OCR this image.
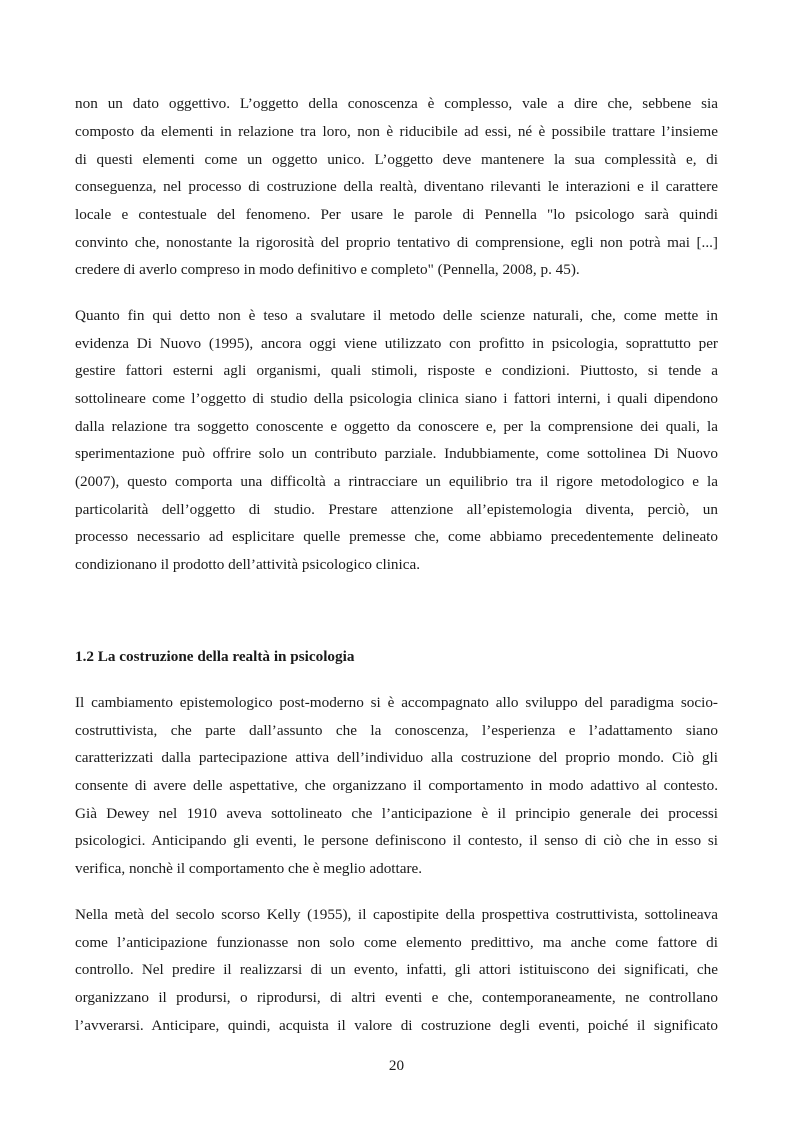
non un dato oggettivo. L’oggetto della conoscenza è complesso, vale a dire che, sebbene sia
composto da elementi in relazione tra loro, non è riducibile ad essi, né è possibile trattare l’insieme
di questi elementi come un oggetto unico. L’oggetto deve mantenere la sua complessità e, di
conseguenza, nel processo di costruzione della realtà, diventano rilevanti le interazioni e il carattere
locale e contestuale del fenomeno. Per usare le parole di Pennella "lo psicologo sarà quindi
convinto che, nonostante la rigorosità del proprio tentativo di comprensione, egli non potrà mai [...]
credere di averlo compreso in modo definitivo e completo" (Pennella, 2008, p. 45).
Quanto fin qui detto non è teso a svalutare il metodo delle scienze naturali, che, come mette in
evidenza Di Nuovo (1995), ancora oggi viene utilizzato con profitto in psicologia, soprattutto per
gestire fattori esterni agli organismi, quali stimoli, risposte e condizioni. Piuttosto, si tende a
sottolineare come l’oggetto di studio della psicologia clinica siano i fattori interni, i quali dipendono
dalla relazione tra soggetto conoscente e oggetto da conoscere e, per la comprensione dei quali, la
sperimentazione può offrire solo un contributo parziale. Indubbiamente, come sottolinea Di Nuovo
(2007), questo comporta una difficoltà a rintracciare un equilibrio tra il rigore metodologico e la
particolarità dell’oggetto di studio. Prestare attenzione all’epistemologia diventa, perciò, un
processo necessario ad esplicitare quelle premesse che, come abbiamo precedentemente delineato
condizionano il prodotto dell’attività psicologico clinica.
1.2 La costruzione della realtà in psicologia
Il cambiamento epistemologico post-moderno si è accompagnato allo sviluppo del paradigma socio-
costruttivista, che parte dall’assunto che la conoscenza, l’esperienza e l’adattamento siano
caratterizzati dalla partecipazione attiva dell’individuo alla costruzione del proprio mondo. Ciò gli
consente di avere delle aspettative, che organizzano il comportamento in modo adattivo al contesto.
Già Dewey nel 1910 aveva sottolineato che l’anticipazione è il principio generale dei processi
psicologici. Anticipando gli eventi, le persone definiscono il contesto, il senso di ciò che in esso si
verifica, nonchè il comportamento che è meglio adottare.
Nella metà del secolo scorso Kelly (1955), il capostipite della prospettiva costruttivista, sottolineava
come l’anticipazione funzionasse non solo come elemento predittivo, ma anche come fattore di
controllo. Nel predire il realizzarsi di un evento, infatti, gli attori istituiscono dei significati, che
organizzano il prodursi, o riprodursi, di altri eventi e che, contemporaneamente, ne controllano
l’avverarsi. Anticipare, quindi, acquista il valore di costruzione degli eventi, poiché il significato
20
